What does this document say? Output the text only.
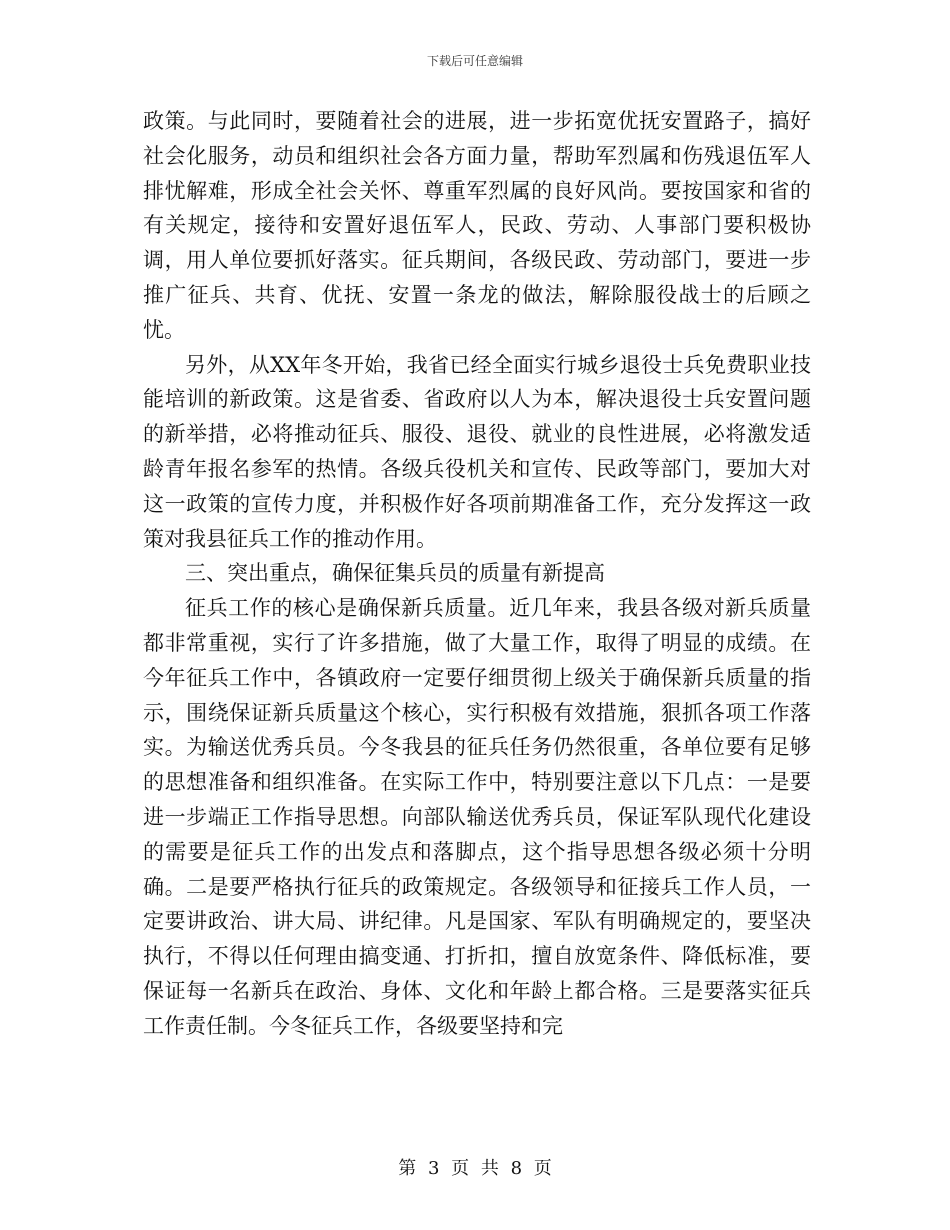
下载后可任意编辑

政策。与此同时，要随着社会的进展，进一步拓宽优抚安置路子，搞好社会化服务，动员和组织社会各方面力量，帮助军烈属和伤残退伍军人排忧解难，形成全社会关怀、尊重军烈属的良好风尚。要按国家和省的有关规定，接待和安置好退伍军人，民政、劳动、人事部门要积极协调，用人单位要抓好落实。征兵期间，各级民政、劳动部门，要进一步推广征兵、共育、优抚、安置一条龙的做法，解除服役战士的后顾之忧。

另外，从XX年冬开始，我省已经全面实行城乡退役士兵免费职业技能培训的新政策。这是省委、省政府以人为本，解决退役士兵安置问题的新举措，必将推动征兵、服役、退役、就业的良性进展，必将激发适龄青年报名参军的热情。各级兵役机关和宣传、民政等部门，要加大对这一政策的宣传力度，并积极作好各项前期准备工作，充分发挥这一政策对我县征兵工作的推动作用。

三、突出重点，确保征集兵员的质量有新提高

征兵工作的核心是确保新兵质量。近几年来，我县各级对新兵质量都非常重视，实行了许多措施，做了大量工作，取得了明显的成绩。在今年征兵工作中，各镇政府一定要仔细贯彻上级关于确保新兵质量的指示，围绕保证新兵质量这个核心，实行积极有效措施，狠抓各项工作落实。为输送优秀兵员。今冬我县的征兵任务仍然很重，各单位要有足够的思想准备和组织准备。在实际工作中，特别要注意以下几点：一是要进一步端正工作指导思想。向部队输送优秀兵员，保证军队现代化建设的需要是征兵工作的出发点和落脚点，这个指导思想各级必须十分明确。二是要严格执行征兵的政策规定。各级领导和征接兵工作人员，一定要讲政治、讲大局、讲纪律。凡是国家、军队有明确规定的，要坚决执行，不得以任何理由搞变通、打折扣，擅自放宽条件、降低标准，要保证每一名新兵在政治、身体、文化和年龄上都合格。三是要落实征兵工作责任制。今冬征兵工作，各级要坚持和完

第 3 页 共 8 页
